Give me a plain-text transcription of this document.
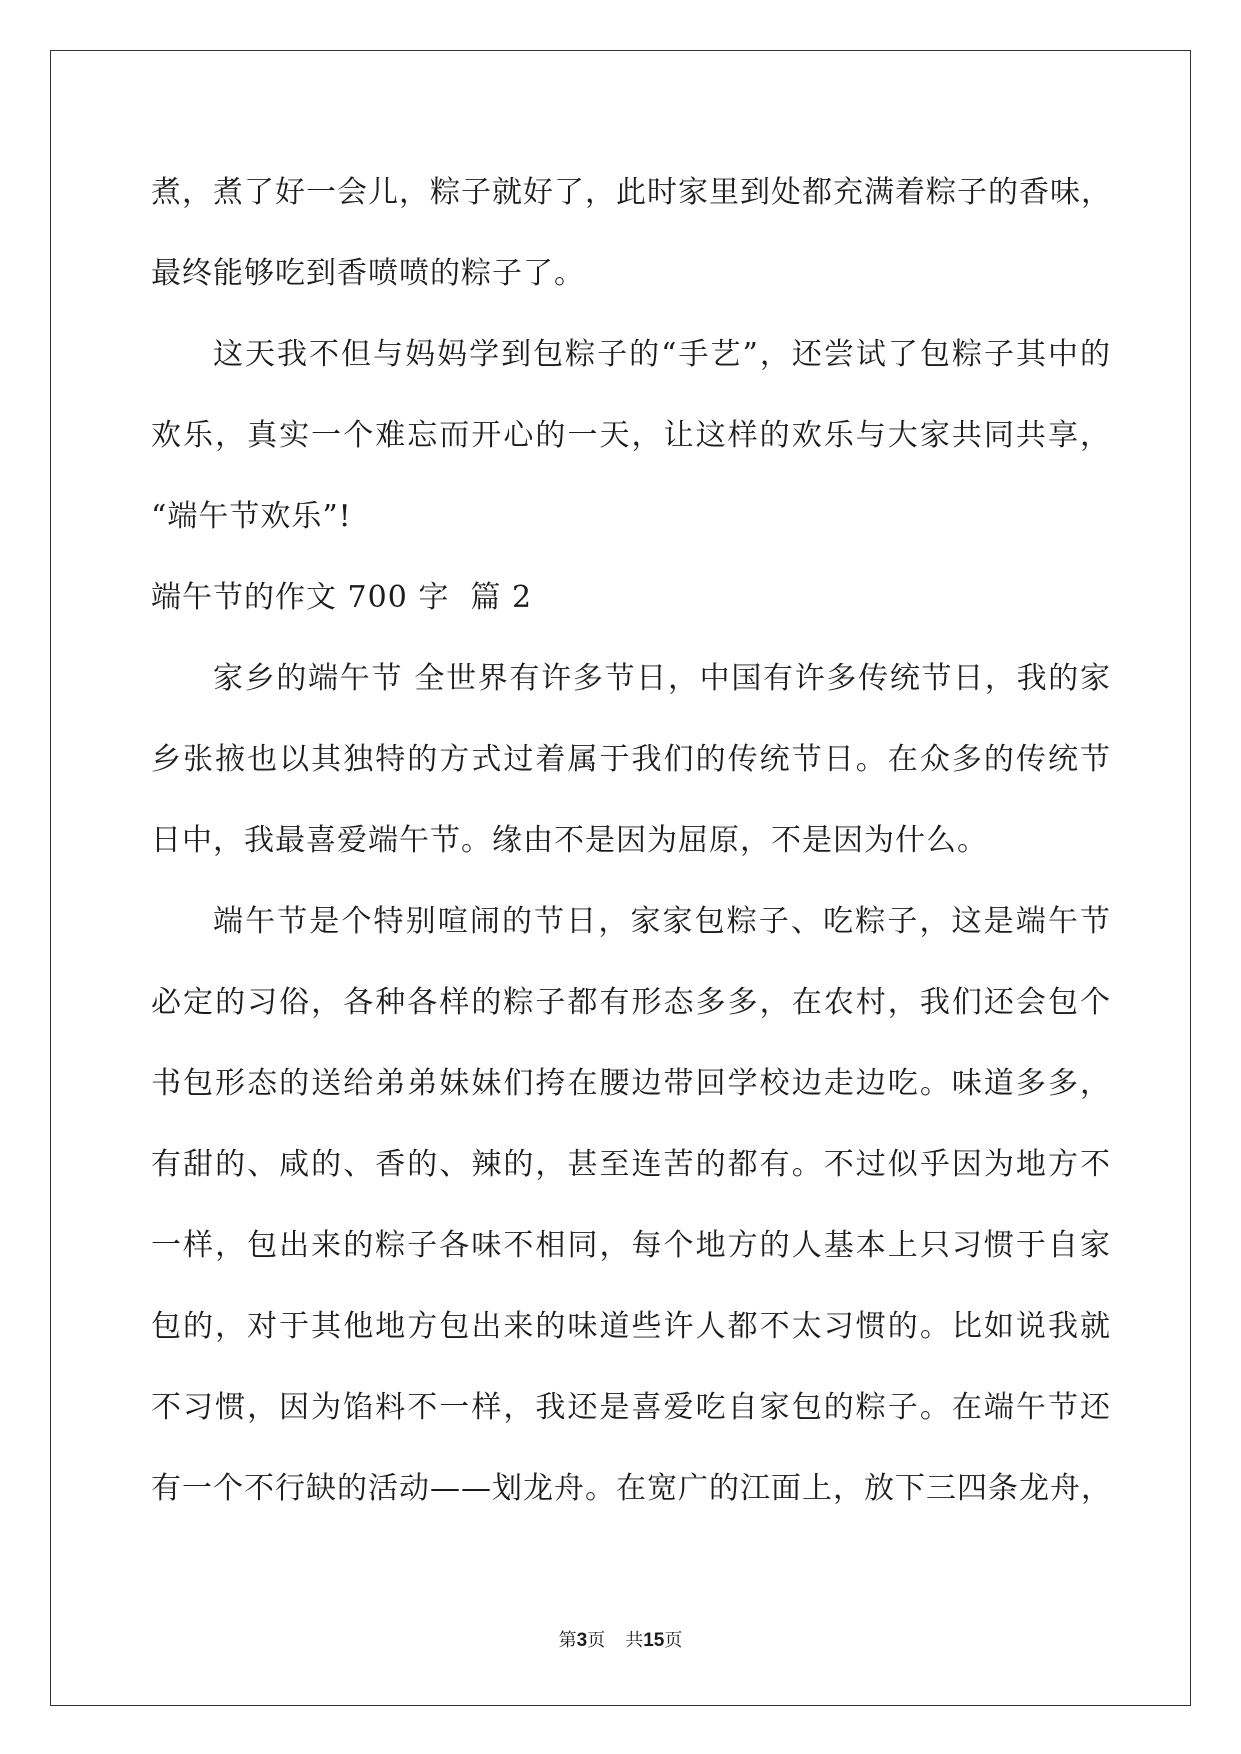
煮，煮了好一会儿，粽子就好了，此时家里到处都充满着粽子的香味，
最终能够吃到香喷喷的粽子了。
这天我不但与妈妈学到包粽子的“手艺”，还尝试了包粽子其中的
欢乐，真实一个难忘而开心的一天，让这样的欢乐与大家共同共享，
“端午节欢乐”!
端午节的作文 700 字  篇 2
家乡的端午节 全世界有许多节日，中国有许多传统节日，我的家
乡张掖也以其独特的方式过着属于我们的传统节日。在众多的传统节
日中，我最喜爱端午节。缘由不是因为屈原，不是因为什么。
端午节是个特别喧闹的节日，家家包粽子、吃粽子，这是端午节
必定的习俗，各种各样的粽子都有形态多多，在农村，我们还会包个
书包形态的送给弟弟妹妹们挎在腰边带回学校边走边吃。味道多多，
有甜的、咸的、香的、辣的，甚至连苦的都有。不过似乎因为地方不
一样，包出来的粽子各味不相同，每个地方的人基本上只习惯于自家
包的，对于其他地方包出来的味道些许人都不太习惯的。比如说我就
不习惯，因为馅料不一样，我还是喜爱吃自家包的粽子。在端午节还
有一个不行缺的活动——划龙舟。在宽广的江面上，放下三四条龙舟，
第3页 共15页
